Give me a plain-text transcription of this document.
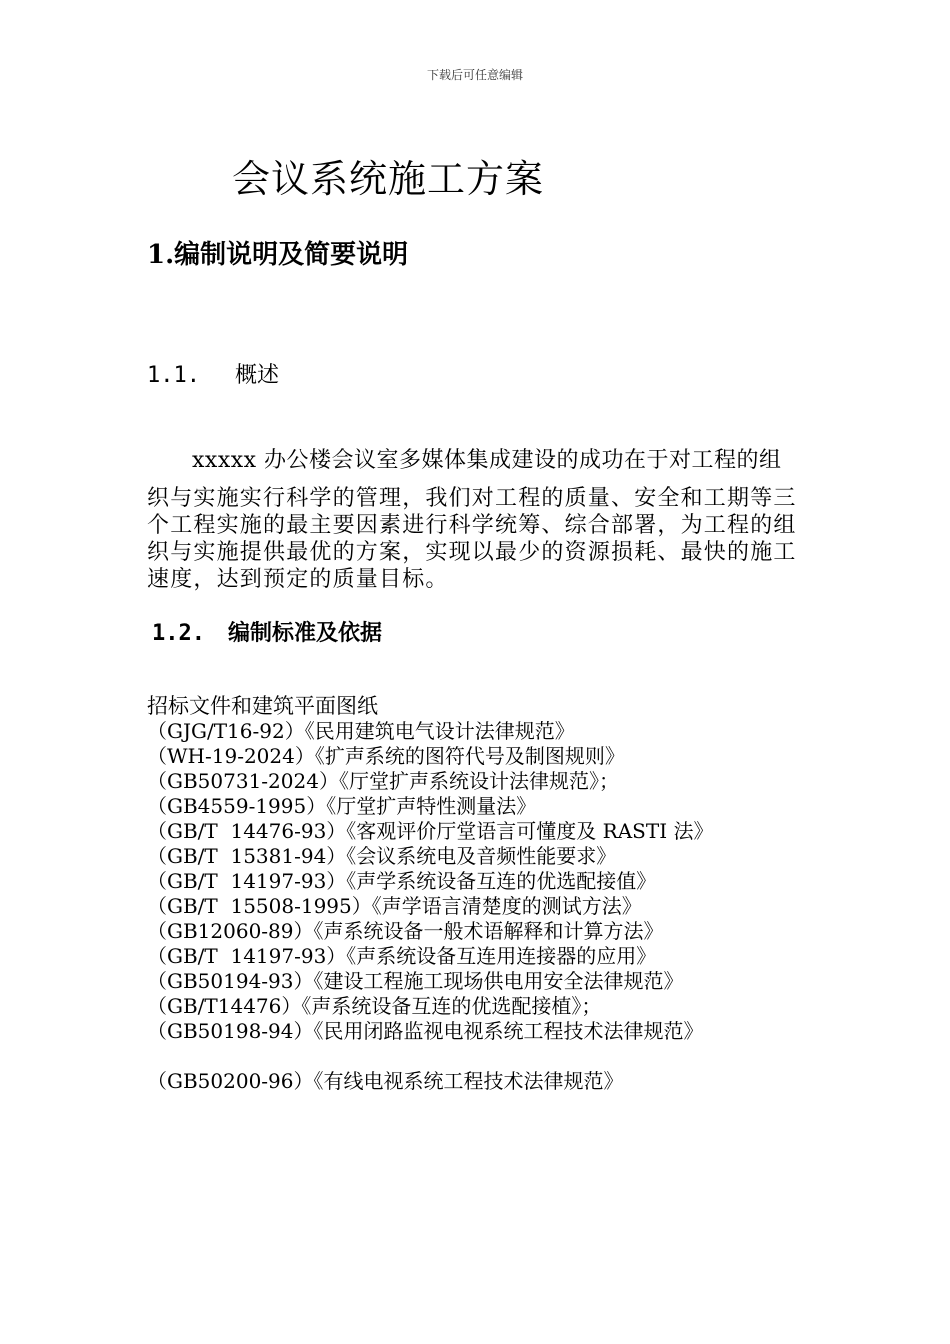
下载后可任意编辑
会议系统施工方案
1.编制说明及简要说明
1.1. 概述
xxxxx 办公楼会议室多媒体集成建设的成功在于对工程的组
织与实施实行科学的管理，我们对工程的质量、安全和工期等三个工程实施的最主要因素进行科学统筹、综合部署，为工程的组织与实施提供最优的方案，实现以最少的资源损耗、最快的施工速度，达到预定的质量目标。
1.2. 编制标准及依据
招标文件和建筑平面图纸
（GJG/T16-92）《民用建筑电气设计法律规范》
（WH-19-2024）《扩声系统的图符代号及制图规则》
（GB50731-2024）《厅堂扩声系统设计法律规范》；
（GB4559-1995）《厅堂扩声特性测量法》
（GB/T  14476-93）《客观评价厅堂语言可懂度及 RASTI 法》
（GB/T  15381-94）《会议系统电及音频性能要求》
（GB/T  14197-93）《声学系统设备互连的优选配接值》
（GB/T  15508-1995）《声学语言清楚度的测试方法》
（GB12060-89）《声系统设备一般术语解释和计算方法》
（GB/T  14197-93）《声系统设备互连用连接器的应用》
（GB50194-93）《建设工程施工现场供电用安全法律规范》
（GB/T14476）《声系统设备互连的优选配接植》；
（GB50198-94）《民用闭路监视电视系统工程技术法律规范》
（GB50200-96）《有线电视系统工程技术法律规范》
